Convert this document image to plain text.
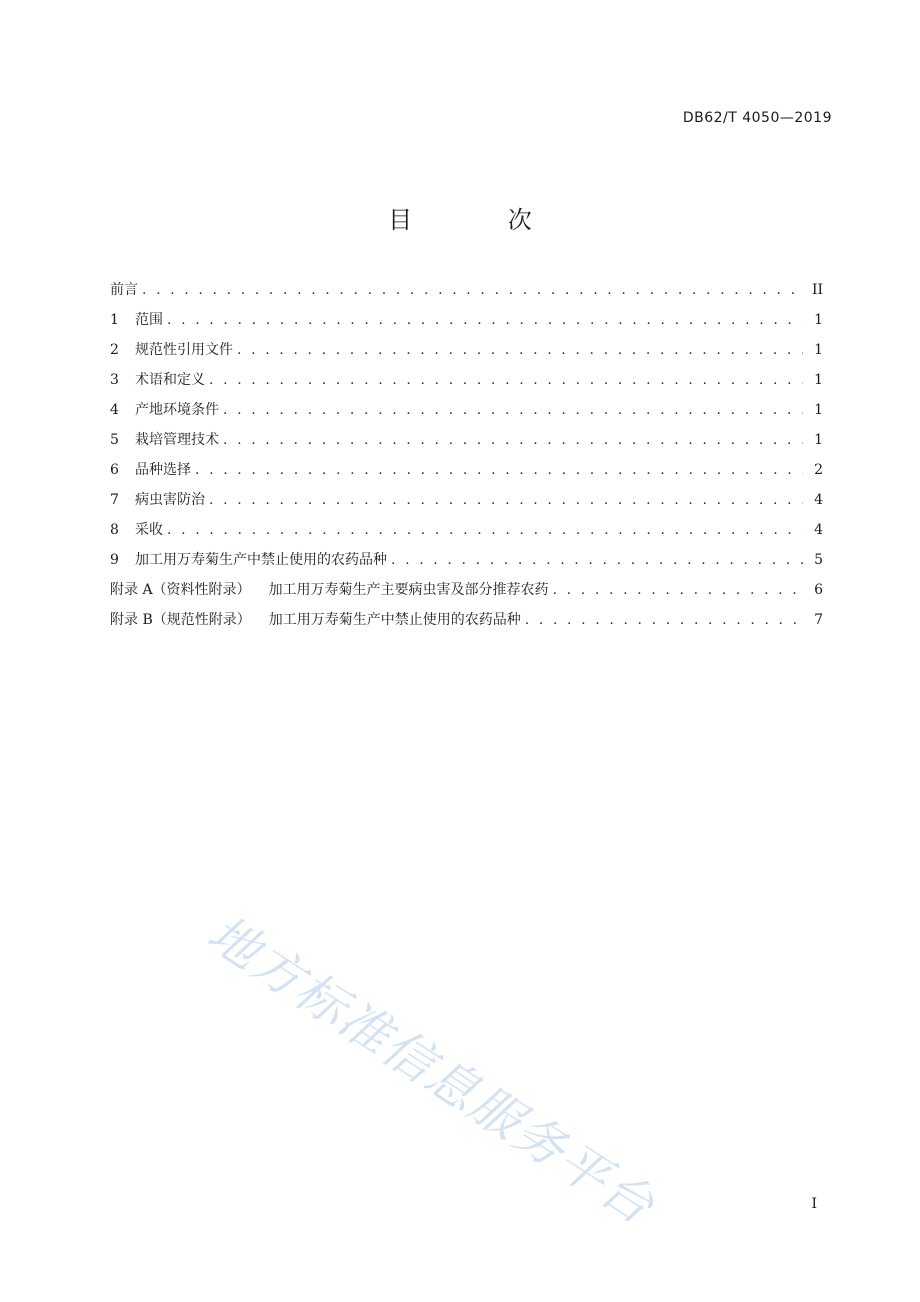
DB62/T 4050—2019
目 次
前言 . . .	II
1	范围 . . .	1
2	规范性引用文件 . . .	1
3	术语和定义 . . .	1
4	产地环境条件 . . .	1
5	栽培管理技术 . . .	1
6	品种选择 . . .	2
7	病虫害防治 . . .	4
8	采收 . . .	4
9	加工用万寿菊生产中禁止使用的农药品种 . . .	5
附录 A（资料性附录） 加工用万寿菊生产主要病虫害及部分推荐农药 . . .	6
附录 B（规范性附录） 加工用万寿菊生产中禁止使用的农药品种 . . .	7
地方标准信息服务平台	I
